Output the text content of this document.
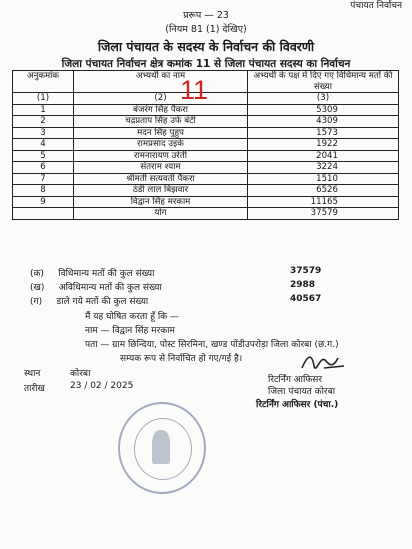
पंचायत निर्वाचन
प्ररूप — 23
(नियम 81 (1) देखिए)
जिला पंचायत के सदस्य के निर्वाचन की विवरणी
जिला पंचायत निर्वाचन क्षेत्र कमांक 11 से जिला पंचायत सदस्य का निर्वाचन
अनुकमांक	अभ्यर्थी का नाम	अभ्यर्थी के पक्ष में दिए गए विधिमान्य मतों की संख्या
(1)	(2)	(3)
1	बंजरंग सिंह पैंकरा	5309
2	चद्रप्रताप सिंह उर्फ बंटी	4309
3	मदन सिंह पुहुप	1573
4	रामप्रसाद उइके	1922
5	रामनारायण उरेती	2041
6	संतराम श्याम	3224
7	श्रीमती सत्यवती पैंकरा	1510
8	ठंडी लाल बिझवार	6526
9	विद्वान सिंह मरकाम	11165
	योग	37579
11
(क) विधिमान्य मतों की कुल संख्या	37579
(ख) अविधिमान्य मतों की कुल संख्या	2988
(ग) डाले गये मतों की कुल संख्या	40567
मैं यह घोषित करता हूँ कि —
नाम — विद्वान सिंह मरकाम
पता — ग्राम छिन्दिया, पोस्ट सिरमिना, खण्ड पोंडीउपरोड़ा जिला कोरबा (छ.ग.)
सम्यक रूप से निर्वाचित हो गए/गई है।
रिटर्निंग आफिसर
स्थान	कोरबा
जिला पंचायत कोरबा
तारीख	23 / 02 / 2025
रिटर्निंग आफिसर (पंचा.)
